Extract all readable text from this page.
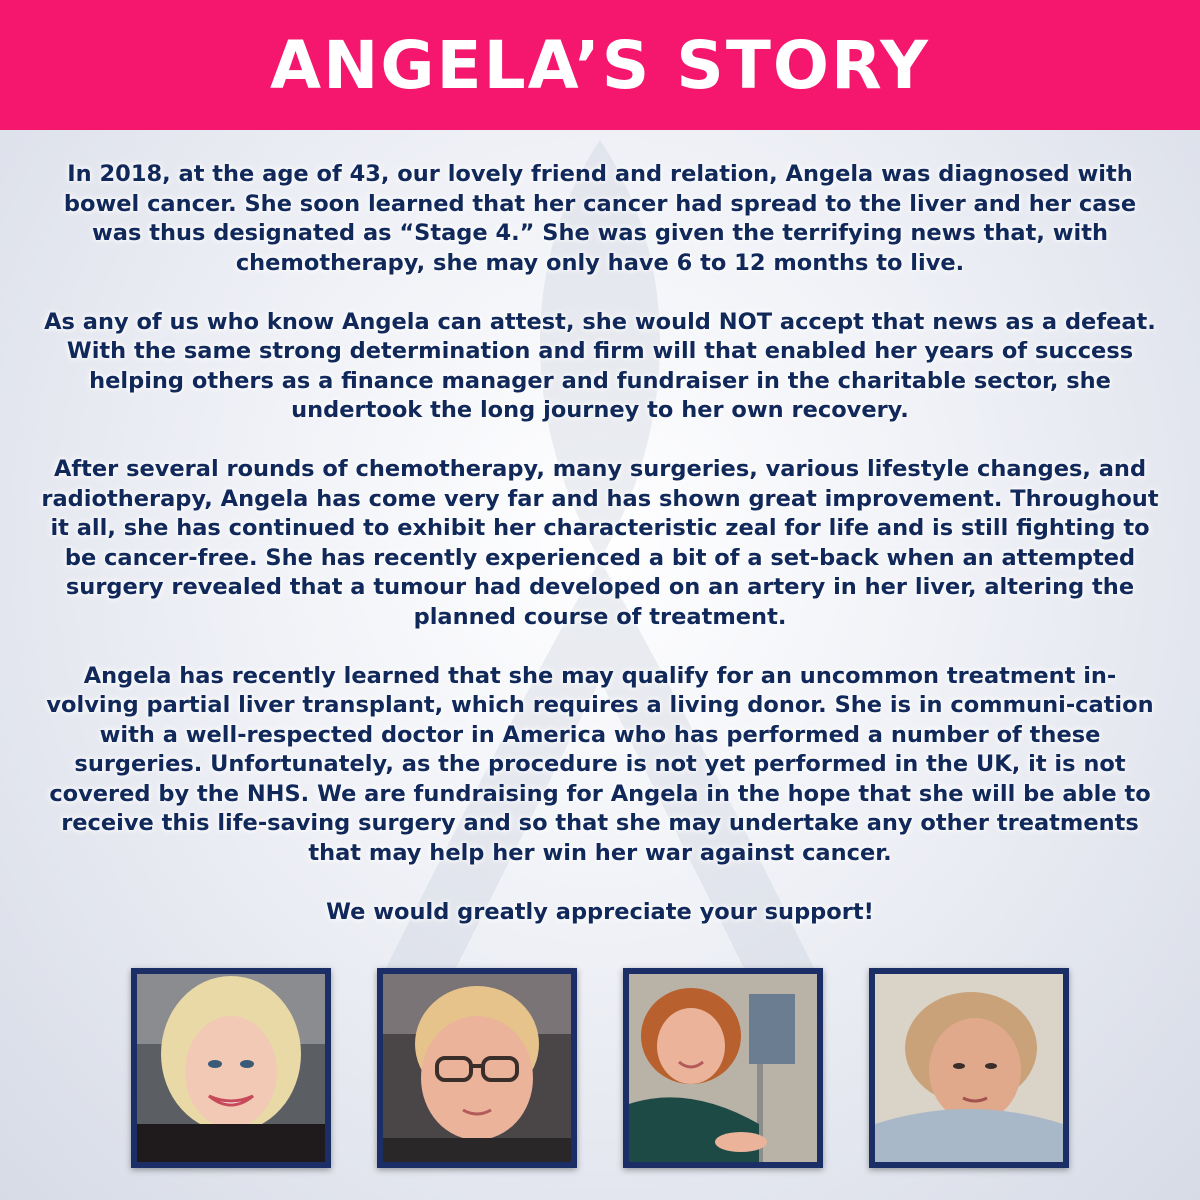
ANGELA’S STORY

In 2018, at the age of 43, our lovely friend and relation, Angela was diagnosed with bowel cancer. She soon learned that her cancer had spread to the liver and her case was thus designated as “Stage 4.” She was given the terrifying news that, with chemotherapy, she may only have 6 to 12 months to live.

As any of us who know Angela can attest, she would NOT accept that news as a defeat. With the same strong determination and firm will that enabled her years of success helping others as a finance manager and fundraiser in the charitable sector, she undertook the long journey to her own recovery.

After several rounds of chemotherapy, many surgeries, various lifestyle changes, and radiotherapy, Angela has come very far and has shown great improvement. Throughout it all, she has continued to exhibit her characteristic zeal for life and is still fighting to be cancer-free. She has recently experienced a bit of a set-back when an attempted surgery revealed that a tumour had developed on an artery in her liver, altering the planned course of treatment.

Angela has recently learned that she may qualify for an uncommon treatment in-volving partial liver transplant, which requires a living donor. She is in communi-cation with a well-respected doctor in America who has performed a number of these surgeries. Unfortunately, as the procedure is not yet performed in the UK, it is not covered by the NHS. We are fundraising for Angela in the hope that she will be able to receive this life-saving surgery and so that she may undertake any other treatments that may help her win her war against cancer.

We would greatly appreciate your support!
